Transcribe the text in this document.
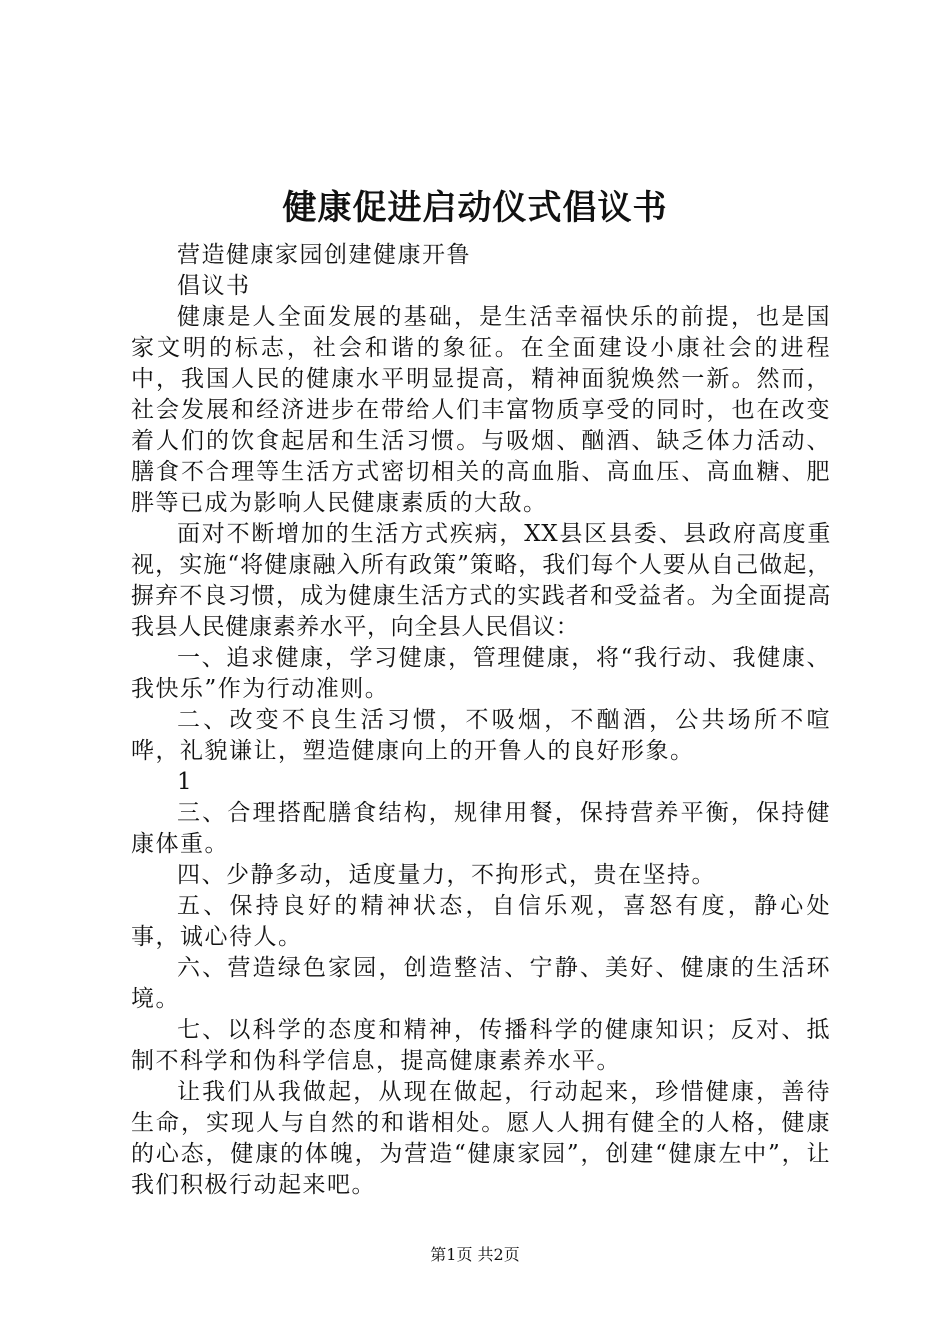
健康促进启动仪式倡议书

营造健康家园创建健康开鲁

倡议书

健康是人全面发展的基础，是生活幸福快乐的前提，也是国家文明的标志，社会和谐的象征。在全面建设小康社会的进程中，我国人民的健康水平明显提高，精神面貌焕然一新。然而，社会发展和经济进步在带给人们丰富物质享受的同时，也在改变着人们的饮食起居和生活习惯。与吸烟、酗酒、缺乏体力活动、膳食不合理等生活方式密切相关的高血脂、高血压、高血糖、肥胖等已成为影响人民健康素质的大敌。

面对不断增加的生活方式疾病，XX县区县委、县政府高度重视，实施“将健康融入所有政策”策略，我们每个人要从自己做起，摒弃不良习惯，成为健康生活方式的实践者和受益者。为全面提高我县人民健康素养水平，向全县人民倡议：

一、追求健康，学习健康，管理健康，将“我行动、我健康、我快乐”作为行动准则。

二、改变不良生活习惯，不吸烟，不酗酒，公共场所不喧哗，礼貌谦让，塑造健康向上的开鲁人的良好形象。

1

三、合理搭配膳食结构，规律用餐，保持营养平衡，保持健康体重。

四、少静多动，适度量力，不拘形式，贵在坚持。

五、保持良好的精神状态，自信乐观，喜怒有度，静心处事，诚心待人。

六、营造绿色家园，创造整洁、宁静、美好、健康的生活环境。

七、以科学的态度和精神，传播科学的健康知识；反对、抵制不科学和伪科学信息，提高健康素养水平。

让我们从我做起，从现在做起，行动起来，珍惜健康，善待生命，实现人与自然的和谐相处。愿人人拥有健全的人格，健康的心态，健康的体魄，为营造“健康家园”，创建“健康左中”，让我们积极行动起来吧。

第1页 共2页
